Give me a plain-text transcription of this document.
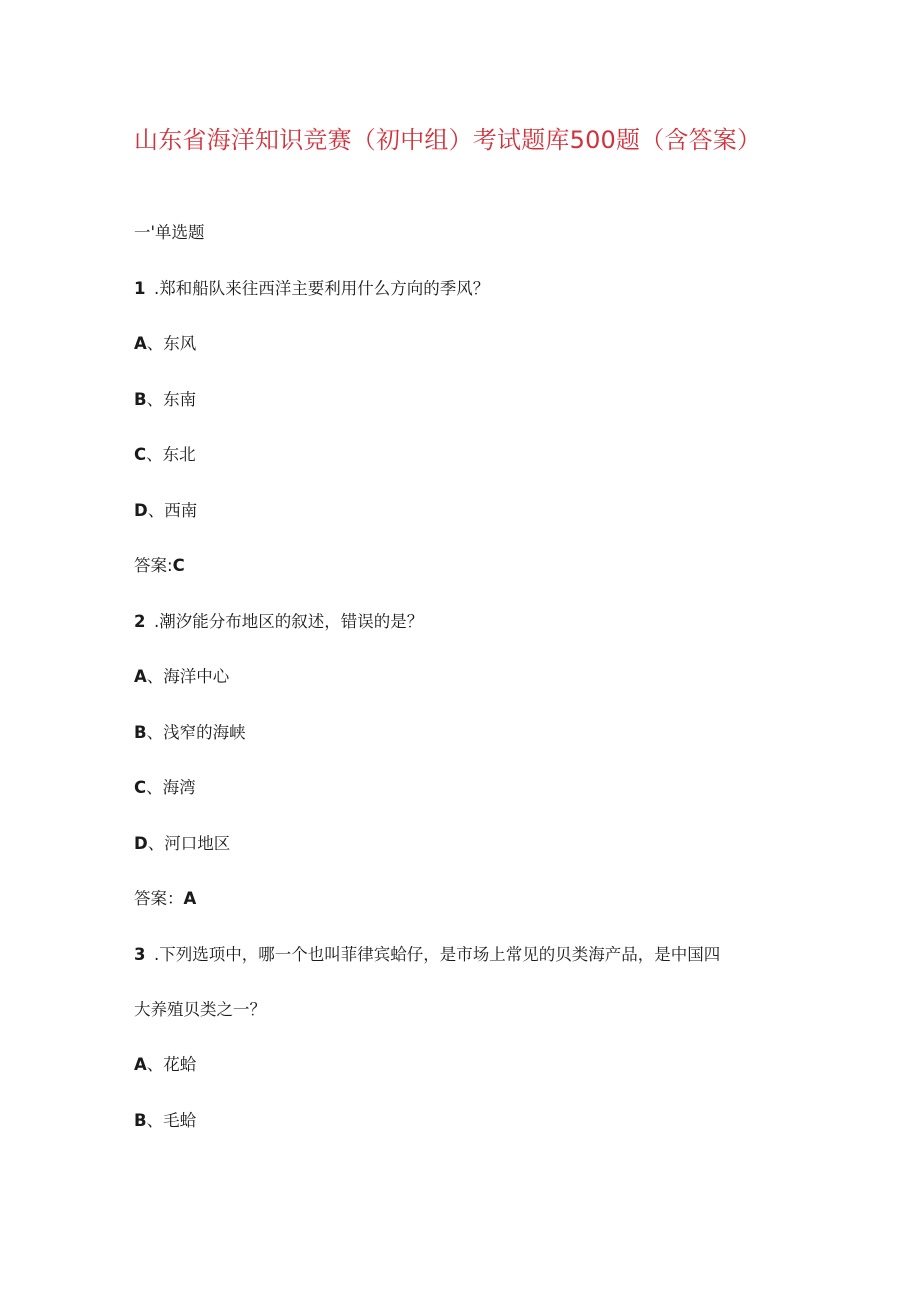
山东省海洋知识竞赛（初中组）考试题库500题（含答案）
一'单选题
1 .郑和船队来往西洋主要利用什么方向的季风？
A、东风
B、东南
C、东北
D、西南
答案:C
2 .潮汐能分布地区的叙述，错误的是？
A、海洋中心
B、浅窄的海峡
C、海湾
D、河口地区
答案：A
3 .下列选项中，哪一个也叫菲律宾蛤仔，是市场上常见的贝类海产品，是中国四
大养殖贝类之一？
A、花蛤
B、毛蛤
